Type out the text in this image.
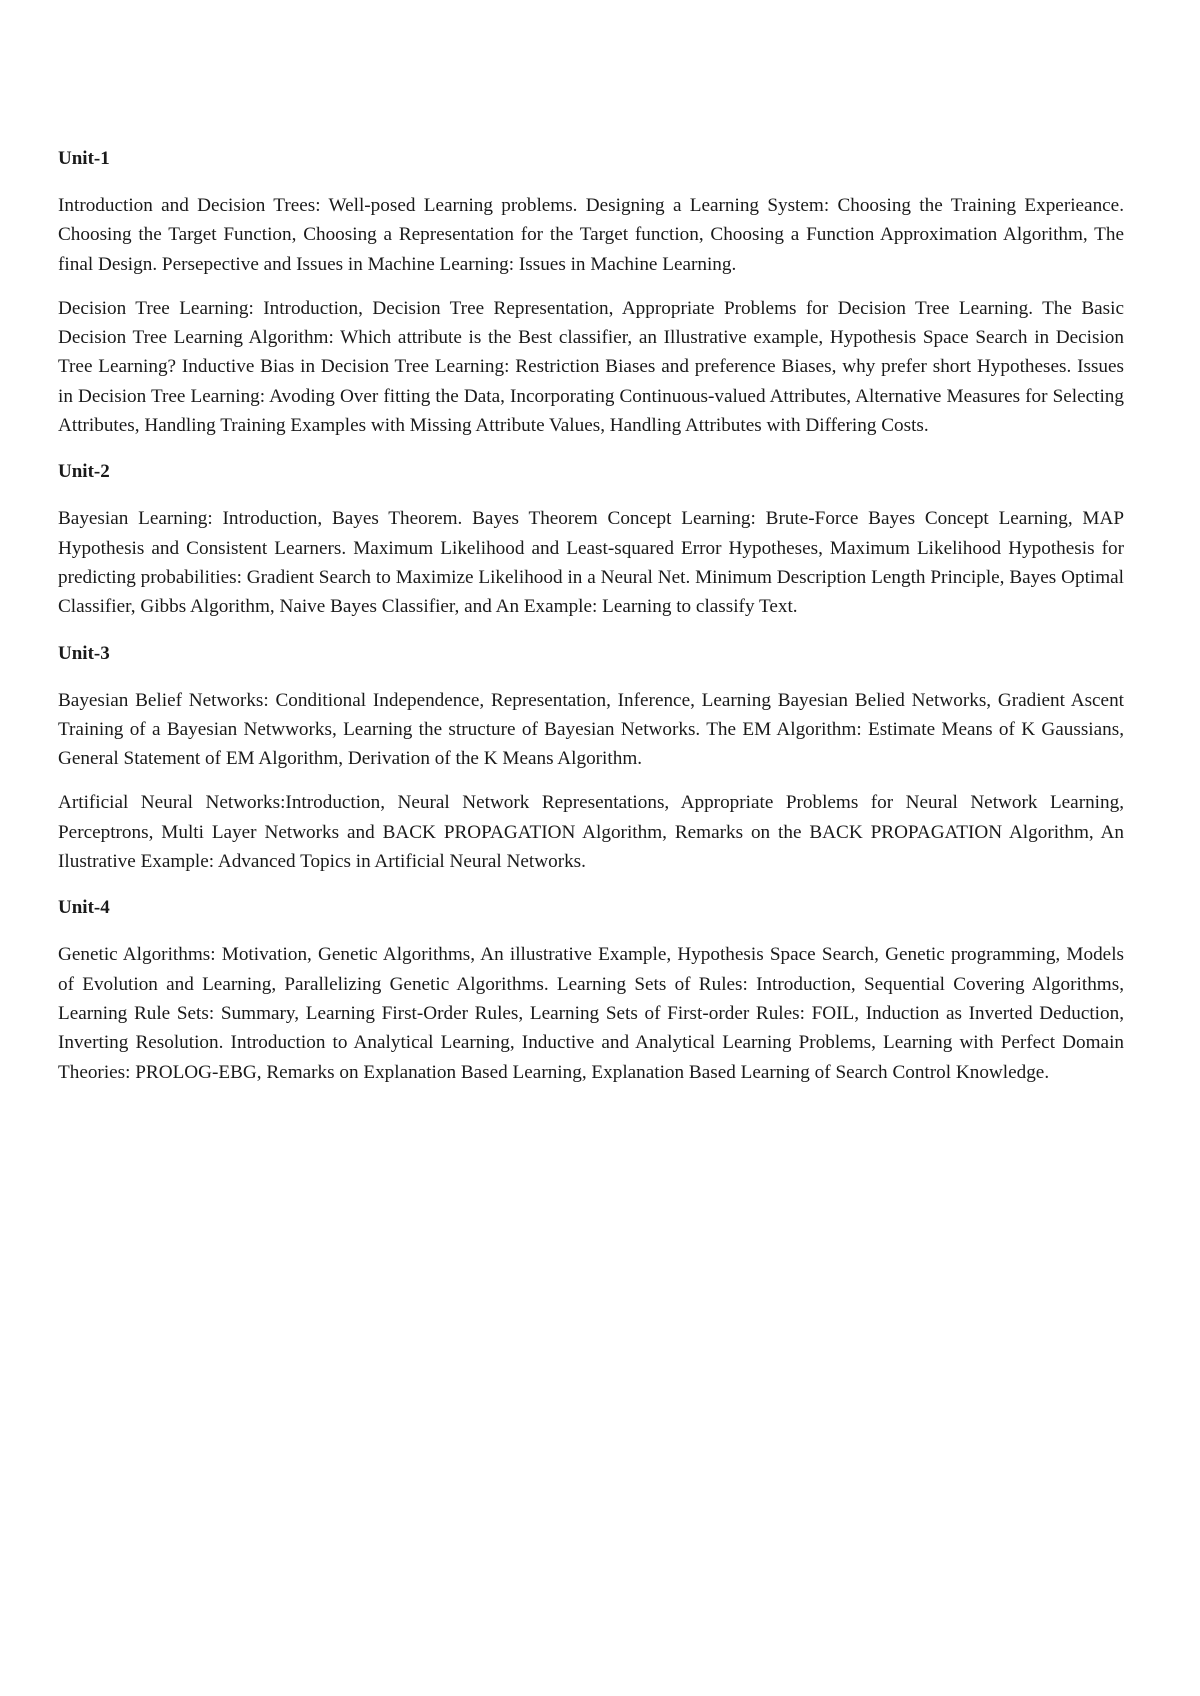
Unit-1

Introduction and Decision Trees: Well-posed Learning problems. Designing a Learning System: Choosing the Training Experieance. Choosing the Target Function, Choosing a Representation for the Target function, Choosing a Function Approximation Algorithm, The final Design. Persepective and Issues in Machine Learning: Issues in Machine Learning.

Decision Tree Learning: Introduction, Decision Tree Representation, Appropriate Problems for Decision Tree Learning. The Basic Decision Tree Learning Algorithm: Which attribute is the Best classifier, an Illustrative example, Hypothesis Space Search in Decision Tree Learning? Inductive Bias in Decision Tree Learning: Restriction Biases and preference Biases, why prefer short Hypotheses. Issues in Decision Tree Learning: Avoding Over fitting the Data, Incorporating Continuous-valued Attributes, Alternative Measures for Selecting Attributes, Handling Training Examples with Missing Attribute Values, Handling Attributes with Differing Costs.

Unit-2

Bayesian Learning: Introduction, Bayes Theorem. Bayes Theorem Concept Learning: Brute-Force Bayes Concept Learning, MAP Hypothesis and Consistent Learners. Maximum Likelihood and Least-squared Error Hypotheses, Maximum Likelihood Hypothesis for predicting probabilities: Gradient Search to Maximize Likelihood in a Neural Net. Minimum Description Length Principle, Bayes Optimal Classifier, Gibbs Algorithm, Naive Bayes Classifier, and An Example: Learning to classify Text.

Unit-3

Bayesian Belief Networks: Conditional Independence, Representation, Inference, Learning Bayesian Belied Networks, Gradient Ascent Training of a Bayesian Netwworks, Learning the structure of Bayesian Networks. The EM Algorithm: Estimate Means of K Gaussians, General Statement of EM Algorithm, Derivation of the K Means Algorithm.

Artificial Neural Networks:Introduction, Neural Network Representations, Appropriate Problems for Neural Network Learning, Perceptrons, Multi Layer Networks and BACK PROPAGATION Algorithm, Remarks on the BACK PROPAGATION Algorithm, An Ilustrative Example: Advanced Topics in Artificial Neural Networks.

Unit-4

Genetic Algorithms: Motivation, Genetic Algorithms, An illustrative Example, Hypothesis Space Search, Genetic programming, Models of Evolution and Learning, Parallelizing Genetic Algorithms. Learning Sets of Rules: Introduction, Sequential Covering Algorithms, Learning Rule Sets: Summary, Learning First-Order Rules, Learning Sets of First-order Rules: FOIL, Induction as Inverted Deduction, Inverting Resolution. Introduction to Analytical Learning, Inductive and Analytical Learning Problems, Learning with Perfect Domain Theories: PROLOG-EBG, Remarks on Explanation Based Learning, Explanation Based Learning of Search Control Knowledge.
